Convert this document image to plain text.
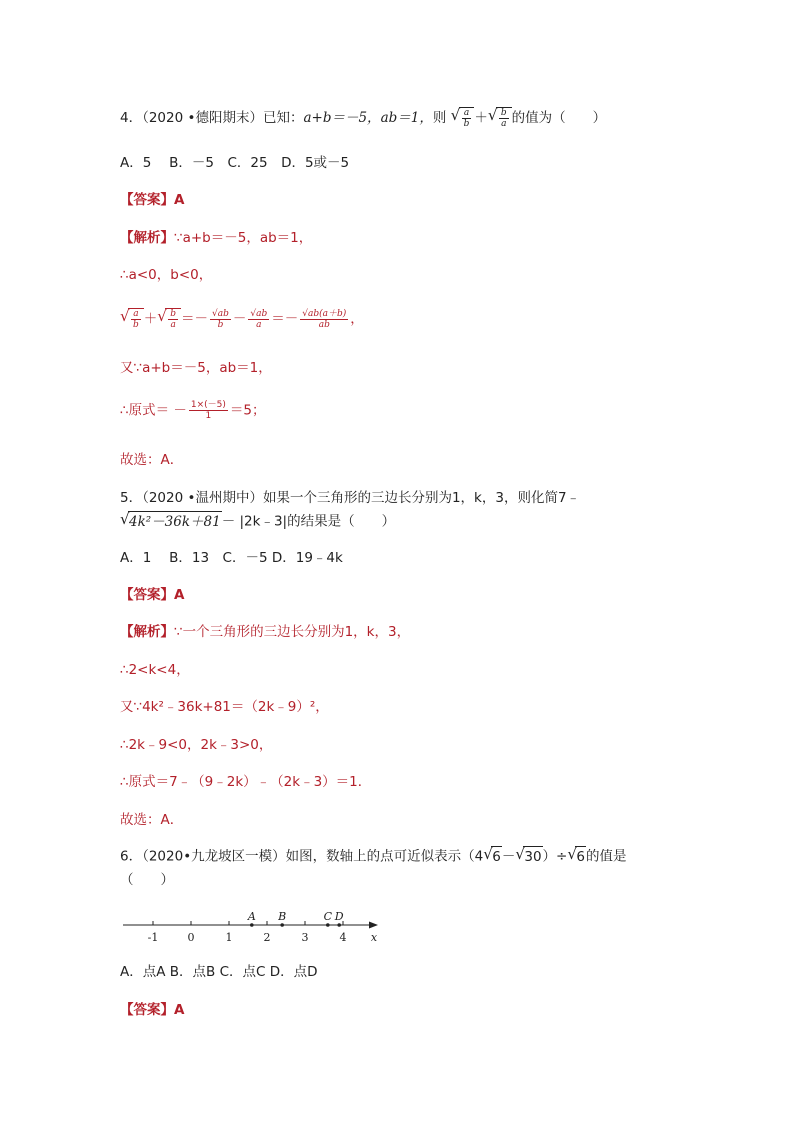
4．（2020 •德阳期末）已知：a+b＝－5，ab＝1，则 √ $\frac{a}{b}$ ＋ √ $\frac{b}{a}$ 的值为（　　）
A．5　 B．－5　C．25　D．5或－5
【答案】A
【解析】∵a+b＝－5，ab＝1，
∴a<0，b<0，
√ $\frac{a}{b}$ ＋ √ $\frac{b}{a} =- \frac{√ab}{b} - \frac{√ab}{a} =- \frac{√ab(a+b)}{ab}$ ，
又∵a+b＝－5，ab＝1，
∴原式＝ － $\frac{1\times(-5)}{1} =5$；
故选：A．
5．（2020 •温州期中）如果一个三角形的三边长分别为1，k，3，则化简7﹣
√ 4k²－36k＋81－ |2k﹣3|的结果是（　　）
A．1　 B．13　C．－5 D．19﹣4k
【答案】A
【解析】∵一个三角形的三边长分别为1，k，3，
∴2<k<4，
又∵4k²﹣36k+81＝（2k﹣9）²，
∴2k﹣9<0，2k﹣3>0，
∴原式＝7﹣（9﹣2k）﹣（2k﹣3）＝1．
故选：A．
6．（2020•九龙坡区一模）如图，数轴上的点可近似表示（4 √ 6－ √ 30）÷ √ 6的值是
（　　）
-1	0	1	2	3	4
A B	C D
x
A．点A B．点B C．点C D．点D
【答案】A
